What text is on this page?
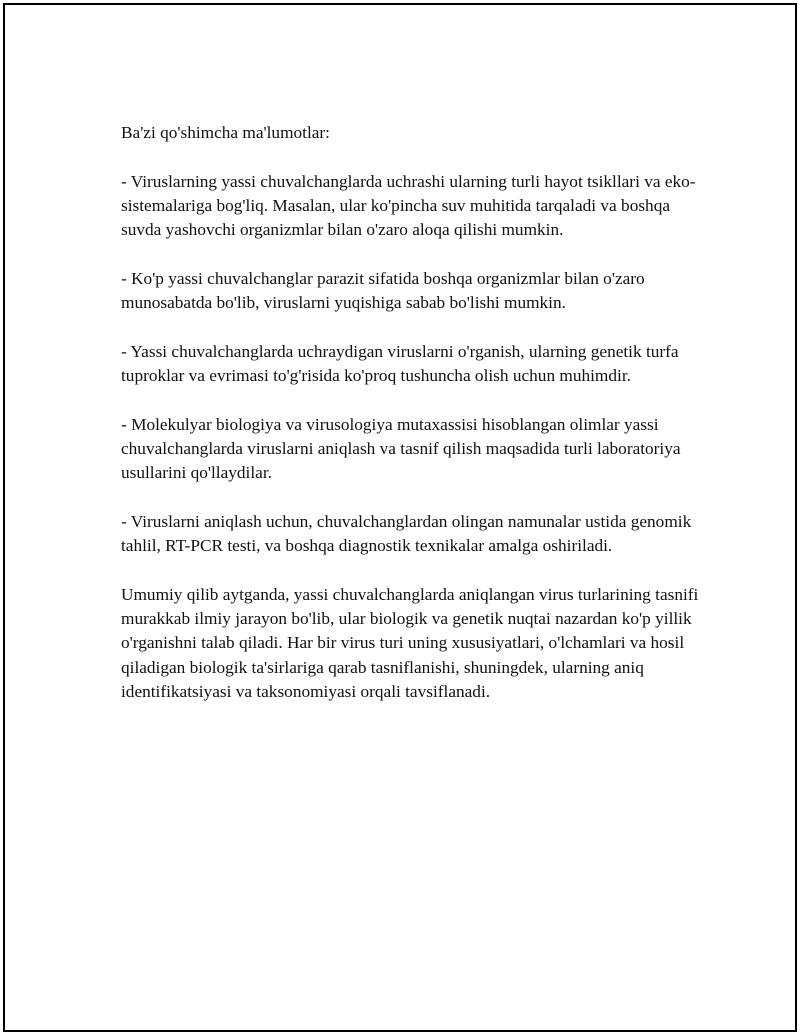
Ba'zi qo'shimcha ma'lumotlar:

- Viruslarning yassi chuvalchanglarda uchrashi ularning turli hayot tsikllari va eko-sistemalariga bog'liq. Masalan, ular ko'pincha suv muhitida tarqaladi va boshqa suvda yashovchi organizmlar bilan o'zaro aloqa qilishi mumkin.

- Ko'p yassi chuvalchanglar parazit sifatida boshqa organizmlar bilan o'zaro munosabatda bo'lib, viruslarni yuqishiga sabab bo'lishi mumkin.

- Yassi chuvalchanglarda uchraydigan viruslarni o'rganish, ularning genetik turfa tuproklar va evrimasi to'g'risida ko'proq tushuncha olish uchun muhimdir.

- Molekulyar biologiya va virusologiya mutaxassisi hisoblangan olimlar yassi chuvalchanglarda viruslarni aniqlash va tasnif qilish maqsadida turli laboratoriya usullarini qo'llaydilar.

- Viruslarni aniqlash uchun, chuvalchanglardan olingan namunalar ustida genomik tahlil, RT-PCR testi, va boshqa diagnostik texnikalar amalga oshiriladi.

Umumiy qilib aytganda, yassi chuvalchanglarda aniqlangan virus turlarining tasnifi murakkab ilmiy jarayon bo'lib, ular biologik va genetik nuqtai nazardan ko'p yillik o'rganishni talab qiladi. Har bir virus turi uning xususiyatlari, o'lchamlari va hosil qiladigan biologik ta'sirlariga qarab tasniflanishi, shuningdek, ularning aniq identifikatsiyasi va taksonomiyasi orqali tavsiflanadi.
